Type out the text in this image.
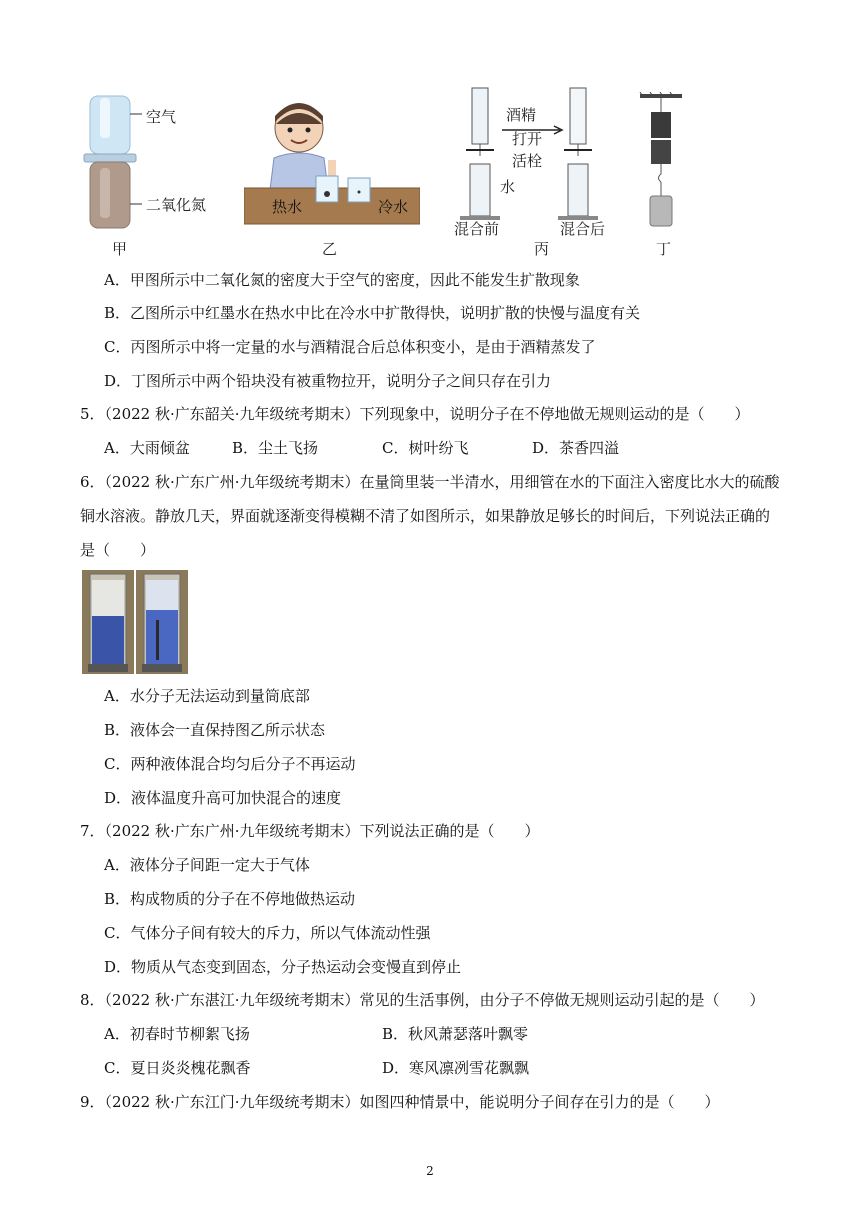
空气
二氧化氮	热水	冷水
酒精
打开
活栓
水
混合前	混合后
甲	乙	丙	丁
A．甲图所示中二氧化氮的密度大于空气的密度，因此不能发生扩散现象
B．乙图所示中红墨水在热水中比在冷水中扩散得快，说明扩散的快慢与温度有关
C．丙图所示中将一定量的水与酒精混合后总体积变小，是由于酒精蒸发了
D．丁图所示中两个铅块没有被重物拉开，说明分子之间只存在引力
5．（2022 秋·广东韶关·九年级统考期末）下列现象中，说明分子在不停地做无规则运动的是（　　）
A．大雨倾盆	B．尘土飞扬	C．树叶纷飞	D．茶香四溢
6．（2022 秋·广东广州·九年级统考期末）在量筒里装一半清水，用细管在水的下面注入密度比水大的硫酸
铜水溶液。静放几天，界面就逐渐变得模糊不清了如图所示，如果静放足够长的时间后，下列说法正确的
是（　　）
A．水分子无法运动到量筒底部
B．液体会一直保持图乙所示状态
C．两种液体混合均匀后分子不再运动
D．液体温度升高可加快混合的速度
7．（2022 秋·广东广州·九年级统考期末）下列说法正确的是（　　）
A．液体分子间距一定大于气体
B．构成物质的分子在不停地做热运动
C．气体分子间有较大的斥力，所以气体流动性强
D．物质从气态变到固态，分子热运动会变慢直到停止
8．（2022 秋·广东湛江·九年级统考期末）常见的生活事例，由分子不停做无规则运动引起的是（　　）
A．初春时节柳絮飞扬	B．秋风萧瑟落叶飘零
C．夏日炎炎槐花飘香	D．寒风凛冽雪花飘飘
9．（2022 秋·广东江门·九年级统考期末）如图四种情景中，能说明分子间存在引力的是（　　）
2
